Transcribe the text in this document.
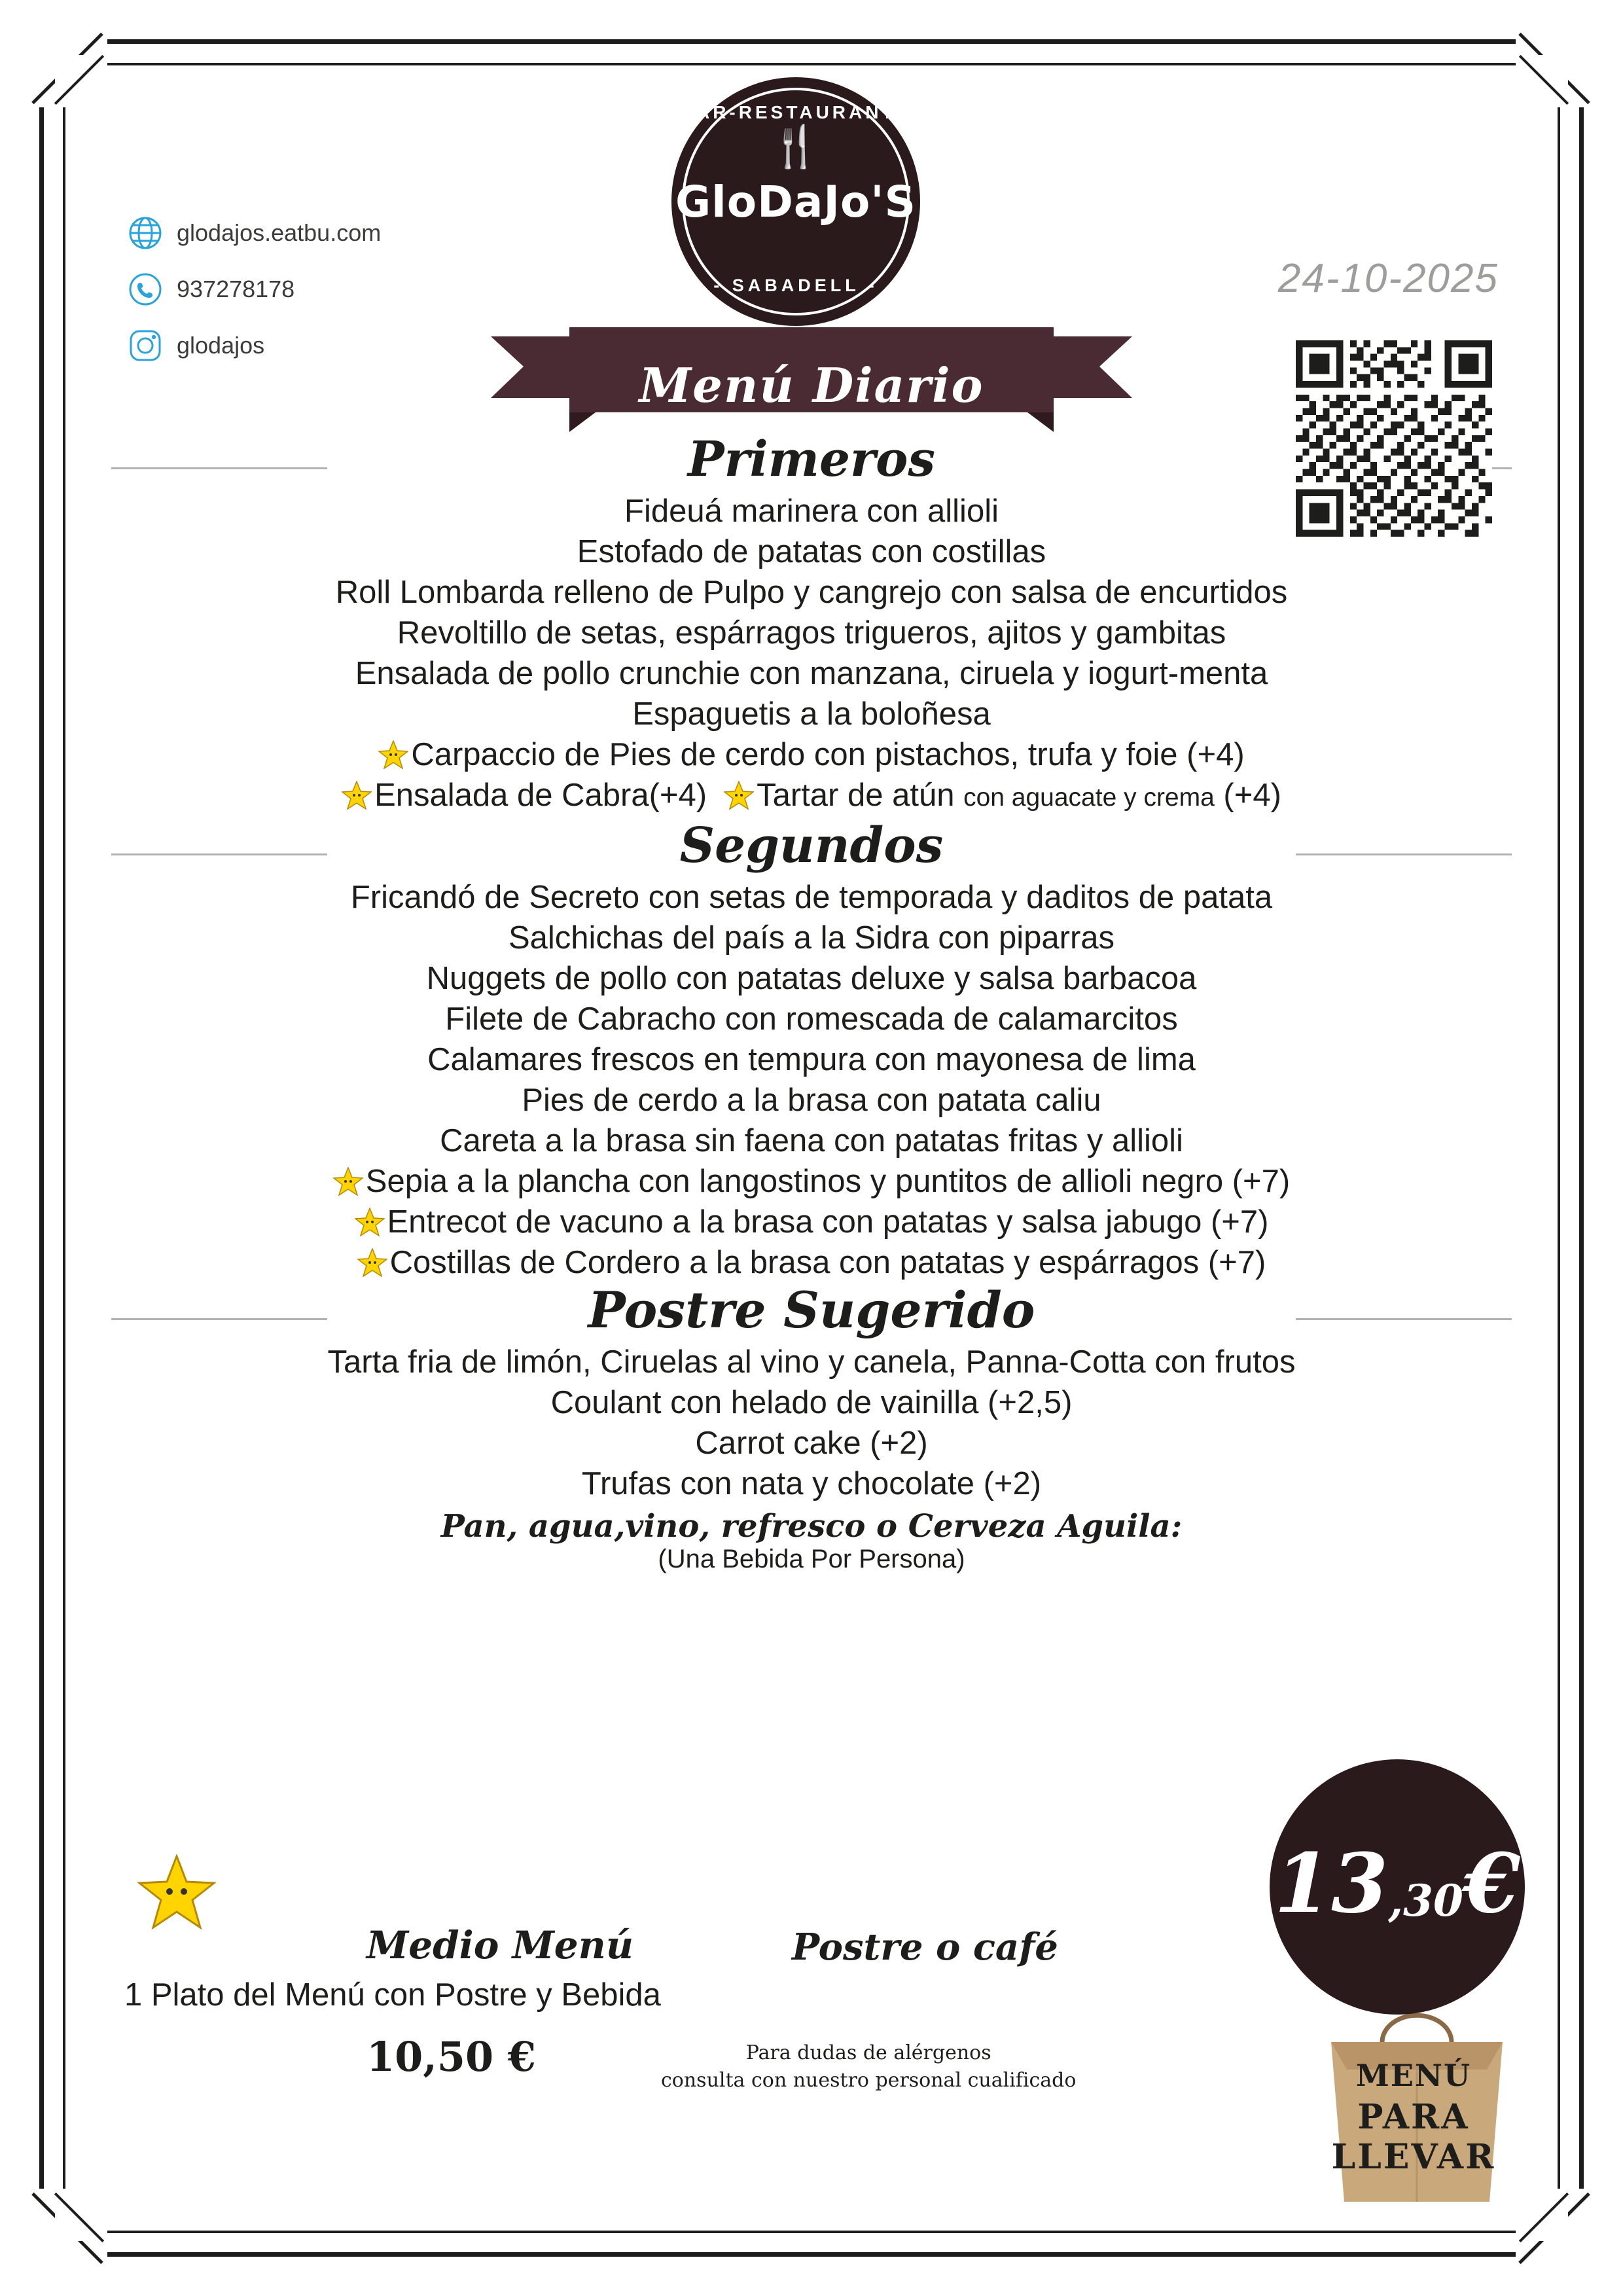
BAR-RESTAURANTE
🍴
GloDaJo'S
- SABADELL -
glodajos.eatbu.com
937278178
glodajos
24-10-2025
Menú Diario
Primeros
Fideuá marinera con allioli
Estofado de patatas con costillas
Roll Lombarda relleno de Pulpo y cangrejo con salsa de encurtidos
Revoltillo de setas, espárragos trigueros, ajitos y gambitas
Ensalada de pollo crunchie con manzana, ciruela y iogurt-menta
Espaguetis a la boloñesa
Carpaccio de Pies de cerdo con pistachos, trufa y foie (+4)
Ensalada de Cabra(+4)	Tartar de atún con aguacate y crema (+4)
Segundos
Fricandó de Secreto con setas de temporada y daditos de patata
Salchichas del país a la Sidra con piparras
Nuggets de pollo con patatas deluxe y salsa barbacoa
Filete de Cabracho con romescada de calamarcitos
Calamares frescos en tempura con mayonesa de lima
Pies de cerdo a la brasa con patata caliu
Careta a la brasa sin faena con patatas fritas y allioli
Sepia a la plancha con langostinos y puntitos de allioli negro (+7)
Entrecot de vacuno a la brasa con patatas y salsa jabugo (+7)
Costillas de Cordero a la brasa con patatas y espárragos (+7)
Postre Sugerido
Tarta fria de limón, Ciruelas al vino y canela, Panna-Cotta con frutos
Coulant con helado de vainilla (+2,5)
Carrot cake (+2)
Trufas con nata y chocolate (+2)
Pan, agua,vino, refresco o Cerveza Aguila:
(Una Bebida Por Persona)
13,30€
MENÚ
PARA LLEVAR
Medio Menú	Postre o café
1 Plato del Menú con Postre y Bebida
10,50 €	Para dudas de alérgenos
consulta con nuestro personal cualificado
